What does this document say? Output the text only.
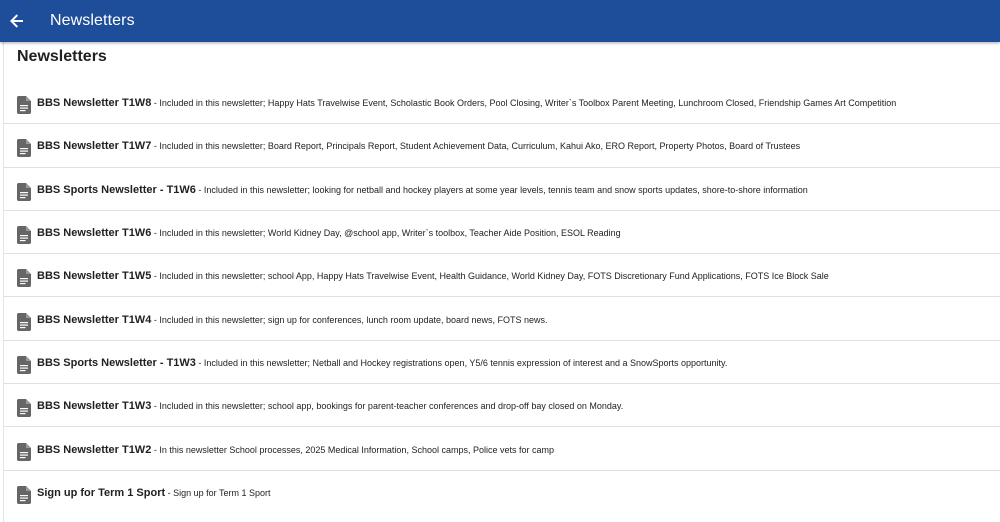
Newsletters
Newsletters
BBS Newsletter T1W8 - Included in this newsletter; Happy Hats Travelwise Event, Scholastic Book Orders, Pool Closing, Writer`s Toolbox Parent Meeting, Lunchroom Closed, Friendship Games Art Competition
BBS Newsletter T1W7 - Included in this newsletter; Board Report, Principals Report, Student Achievement Data, Curriculum, Kahui Ako, ERO Report, Property Photos, Board of Trustees
BBS Sports Newsletter - T1W6 - Included in this newsletter; looking for netball and hockey players at some year levels, tennis team and snow sports updates, shore-to-shore information
BBS Newsletter T1W6 - Included in this newsletter; World Kidney Day, @school app, Writer`s toolbox, Teacher Aide Position, ESOL Reading
BBS Newsletter T1W5 - Included in this newsletter; school App, Happy Hats Travelwise Event, Health Guidance, World Kidney Day, FOTS Discretionary Fund Applications, FOTS Ice Block Sale
BBS Newsletter T1W4 - Included in this newsletter; sign up for conferences, lunch room update, board news, FOTS news.
BBS Sports Newsletter - T1W3 - Included in this newsletter; Netball and Hockey registrations open, Y5/6 tennis expression of interest and a SnowSports opportunity.
BBS Newsletter T1W3 - Included in this newsletter; school app, bookings for parent-teacher conferences and drop-off bay closed on Monday.
BBS Newsletter T1W2 - In this newsletter School processes, 2025 Medical Information, School camps, Police vets for camp
Sign up for Term 1 Sport - Sign up for Term 1 Sport
